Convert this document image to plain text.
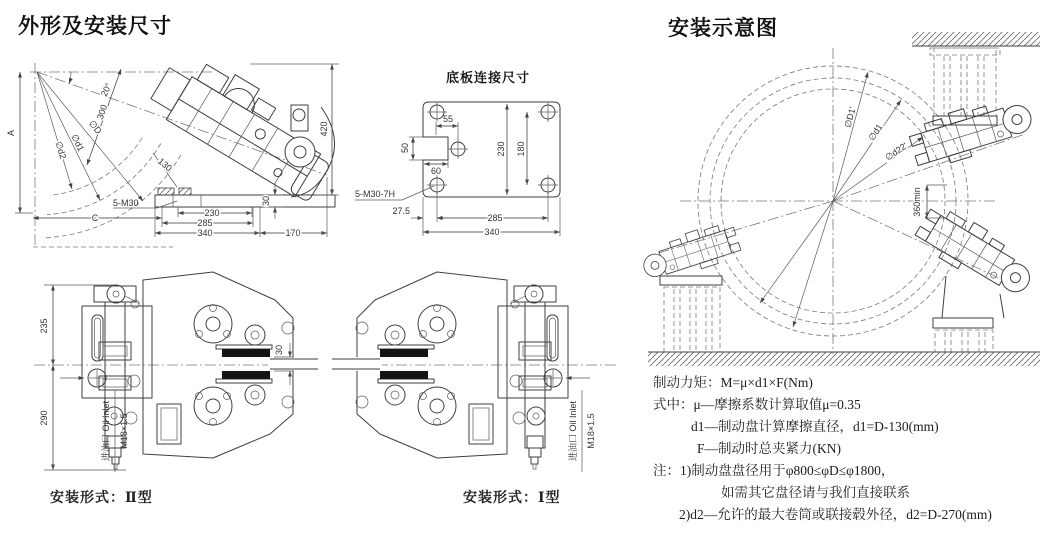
外形及安装尺寸	安装示意图
A
20°
300
∅D
∅d1
∅d2
130
5-M30
C
420
30
230
285
340	170
底板连接尺寸
55
50
60
230 180
5-M30-7H
27.5
285
340
235
290
30
进油口 Oil Inlet M18×1.5	进油口 Oil Inlet M18×1.5
安装形式：Ⅱ型	安装形式：Ⅰ型
∅D1'
∅d1
∅d22'
360min
制动力矩：M=μ×d1×F(Nm)
式中：μ—摩擦系数计算取值μ=0.35
d1—制动盘计算摩擦直径，d1=D-130(mm)
F—制动时总夹紧力(KN)
注：1)制动盘盘径用于φ800≤φD≤φ1800，
如需其它盘径请与我们直接联系
2)d2—允许的最大卷筒或联接毂外径，d2=D-270(mm)
